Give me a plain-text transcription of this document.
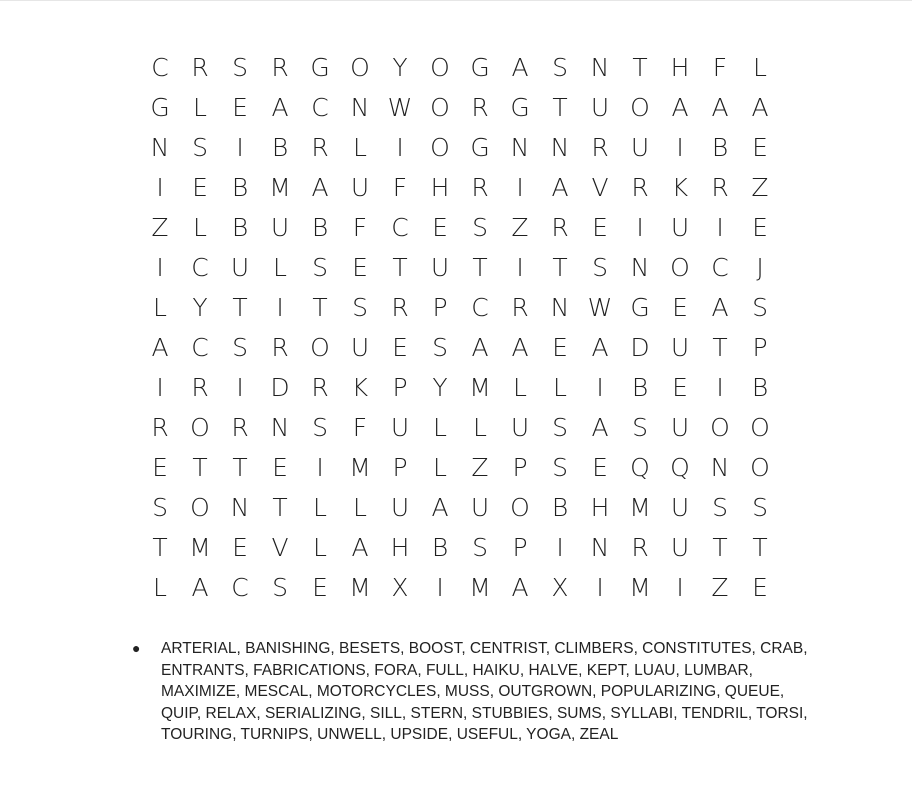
C R S R G O Y O G A S N T H F	L
G L	E A C N W O R G T U O A A A
N S	I	B R L	I	O G N N R U	I	B E
I	E B M A U F H R	I	A V R K R Z
Z L B U B F C E S Z R E	I	U	I	E
I	C U L	S E T U T	I	T S N O C	J
L	Y T	I	T S R P C R N W G E A S
A C S R O U E S A A E A D U T P
I	R	I	D R K P Y M L	L	I	B E	I	B
R O R N S F U L	L U S A S U O O
E T T E	I	M P	L Z P S E Q Q N O
S O N T	L	L U A U O B H M U S S
T M E V L A H B S P	I	N R U T T
L A C S E M X	I	M A X	I	M	I	Z E
● ARTERIAL, BANISHING, BESETS, BOOST, CENTRIST, CLIMBERS, CONSTITUTES, CRAB, ENTRANTS, FABRICATIONS, FORA, FULL, HAIKU, HALVE, KEPT, LUAU, LUMBAR, MAXIMIZE, MESCAL, MOTORCYCLES, MUSS, OUTGROWN, POPULARIZING, QUEUE, QUIP, RELAX, SERIALIZING, SILL, STERN, STUBBIES, SUMS, SYLLABI, TENDRIL, TORSI, TOURING, TURNIPS, UNWELL, UPSIDE, USEFUL, YOGA, ZEAL
